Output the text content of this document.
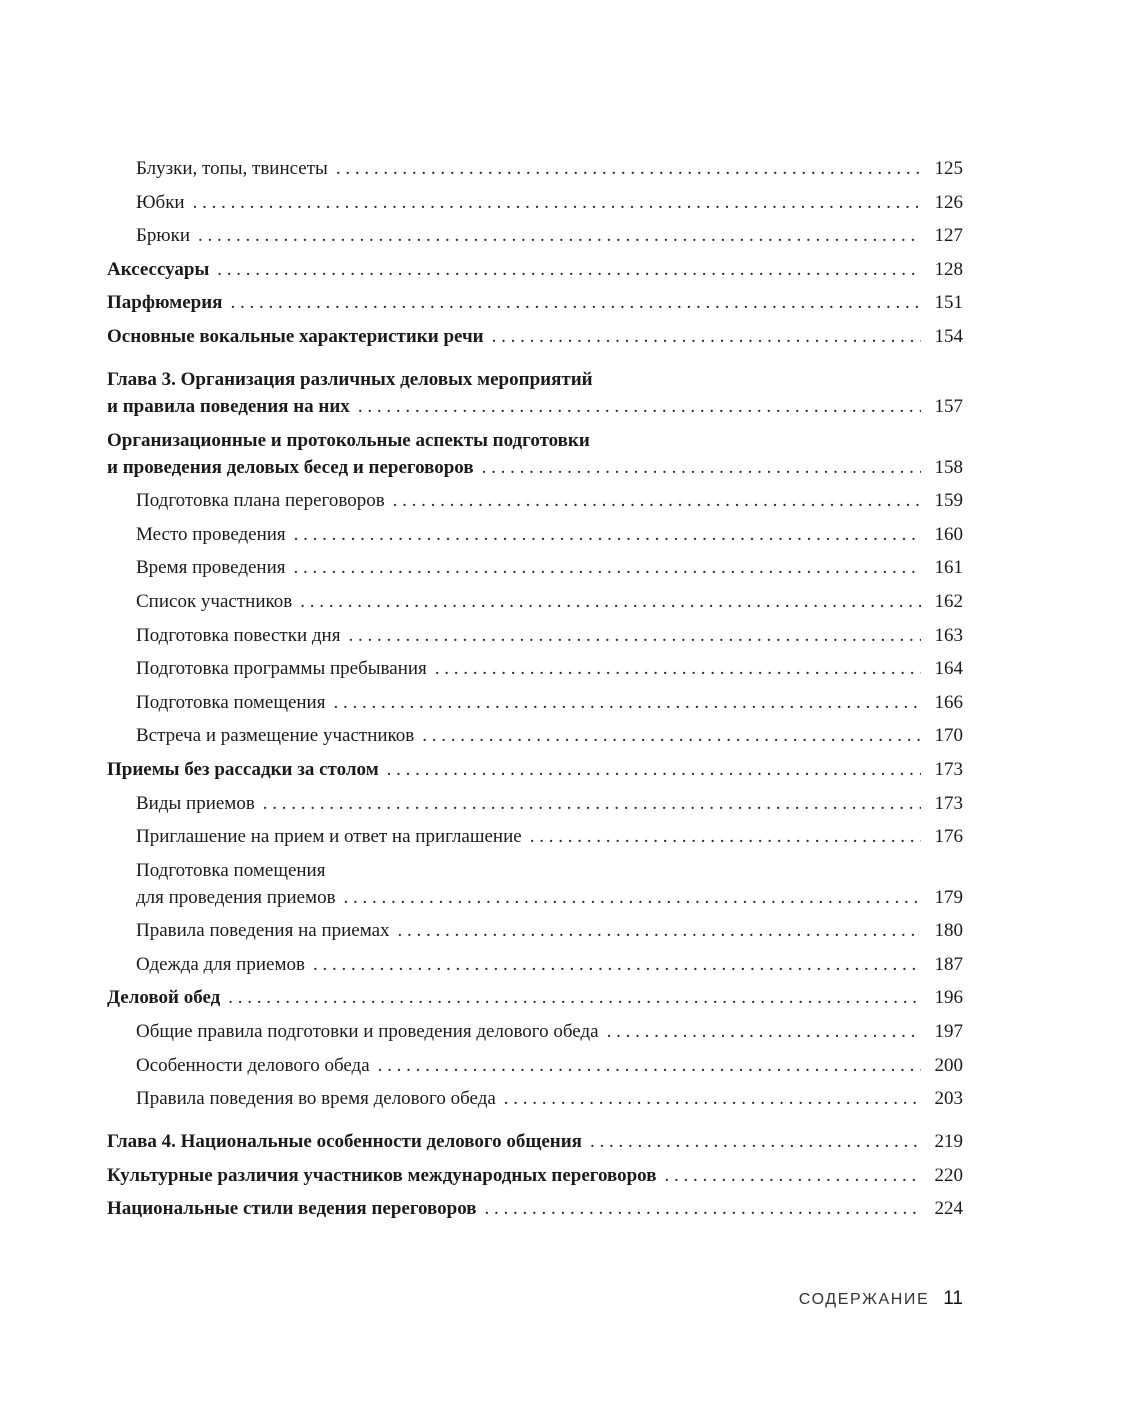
Блузки, топы, твинсеты . . .	125
Юбки . . .	126
Брюки . . .	127
Аксессуары . . .	128
Парфюмерия . . .	151
Основные вокальные характеристики речи . . .	154
Глава 3. Организация различных деловых мероприятий
и правила поведения на них . . .	157
Организационные и протокольные аспекты подготовки
и проведения деловых бесед и переговоров . . .	158
Подготовка плана переговоров . . .	159
Место проведения . . .	160
Время проведения . . .	161
Список участников . . .	162
Подготовка повестки дня . . .	163
Подготовка программы пребывания . . .	164
Подготовка помещения . . .	166
Встреча и размещение участников . . .	170
Приемы без рассадки за столом . . .	173
Виды приемов . . .	173
Приглашение на прием и ответ на приглашение . . .	176
Подготовка помещения
для проведения приемов . . .	179
Правила поведения на приемах . . .	180
Одежда для приемов . . .	187
Деловой обед . . .	196
Общие правила подготовки и проведения делового обеда . . .	197
Особенности делового обеда . . .	200
Правила поведения во время делового обеда . . .	203
Глава 4. Национальные особенности делового общения . . .	219
Культурные различия участников международных переговоров . . .	220
Национальные стили ведения переговоров . . .	224
СОДЕРЖАНИЕ 11
